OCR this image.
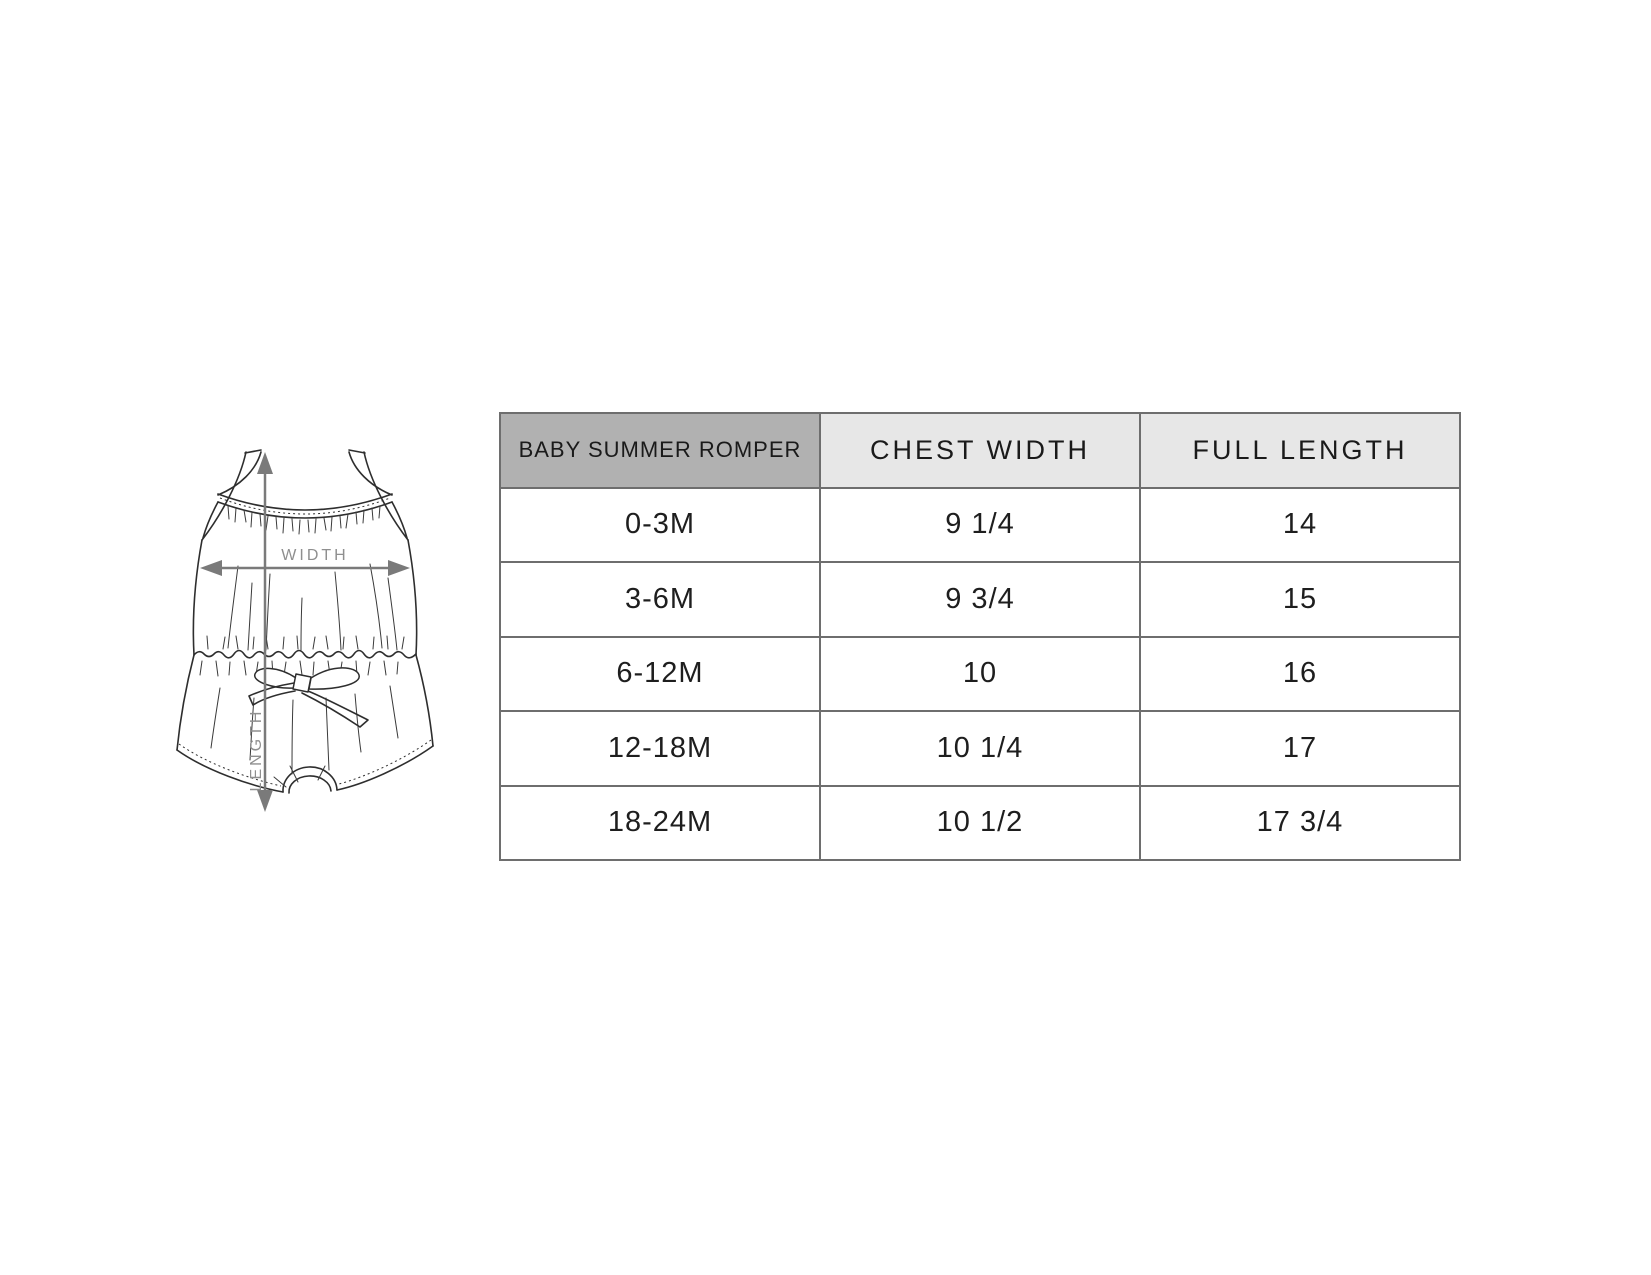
WIDTH
LENGTH
BABY SUMMER ROMPER	CHEST WIDTH	FULL LENGTH
0-3M	9 1/4	14
3-6M	9 3/4	15
6-12M	10	16
12-18M	10 1/4	17
18-24M	10 1/2	17 3/4
